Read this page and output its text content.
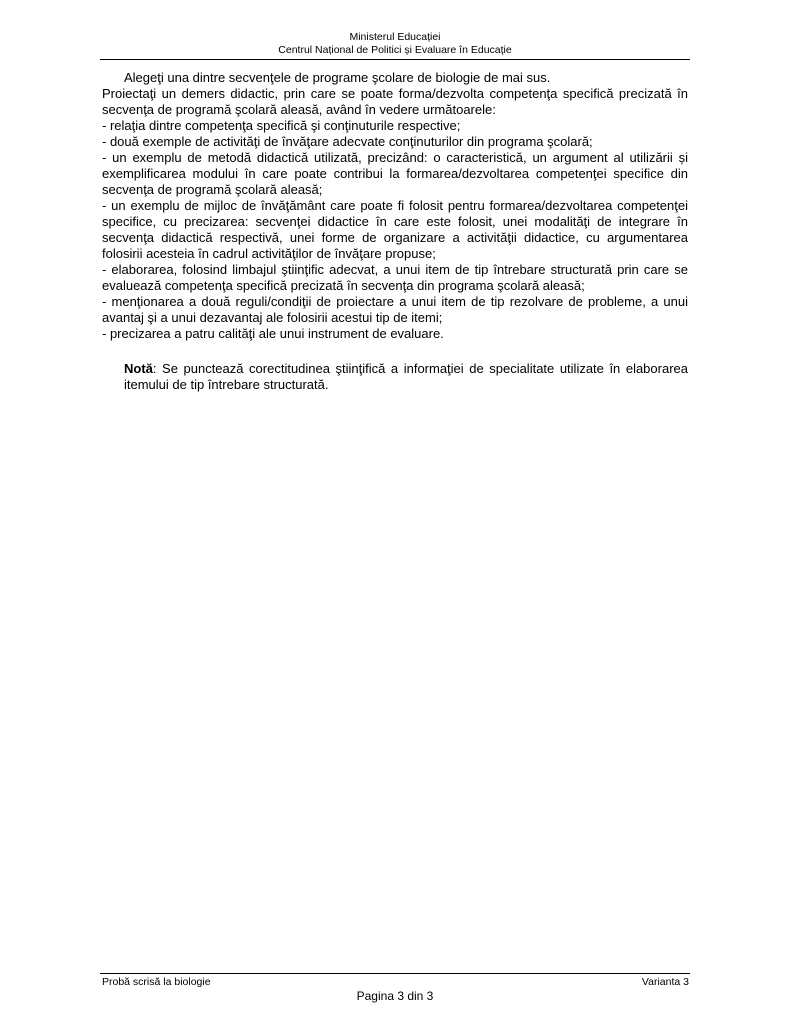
Ministerul Educației
Centrul Național de Politici și Evaluare în Educație

Alegeţi una dintre secvenţele de programe şcolare de biologie de mai sus.

Proiectaţi un demers didactic, prin care se poate forma/dezvolta competenţa specifică precizată în secvenţa de programă şcolară aleasă, având în vedere următoarele:

- relaţia dintre competenţa specifică şi conţinuturile respective;

- două exemple de activităţi de învăţare adecvate conţinuturilor din programa şcolară;

- un exemplu de metodă didactică utilizată, precizând: o caracteristică, un argument al utilizării și exemplificarea modului în care poate contribui la formarea/dezvoltarea competenţei specifice din secvenţa de programă şcolară aleasă;

- un exemplu de mijloc de învăţământ care poate fi folosit pentru formarea/dezvoltarea competenţei specifice, cu precizarea: secvenţei didactice în care este folosit, unei modalităţi de integrare în secvenţa didactică respectivă, unei forme de organizare a activităţii didactice, cu argumentarea folosirii acesteia în cadrul activităţilor de învăţare propuse;

- elaborarea, folosind limbajul ştiinţific adecvat, a unui item de tip întrebare structurată prin care se evaluează competenţa specifică precizată în secvenţa din programa şcolară aleasă;

- menţionarea a două reguli/condiţii de proiectare a unui item de tip rezolvare de probleme, a unui avantaj şi a unui dezavantaj ale folosirii acestui tip de itemi;

- precizarea a patru calităţi ale unui instrument de evaluare.

Notă: Se punctează corectitudinea ştiinţifică a informaţiei de specialitate utilizate în elaborarea itemului de tip întrebare structurată.

Probă scrisă la biologie	Varianta 3
Pagina 3 din 3
